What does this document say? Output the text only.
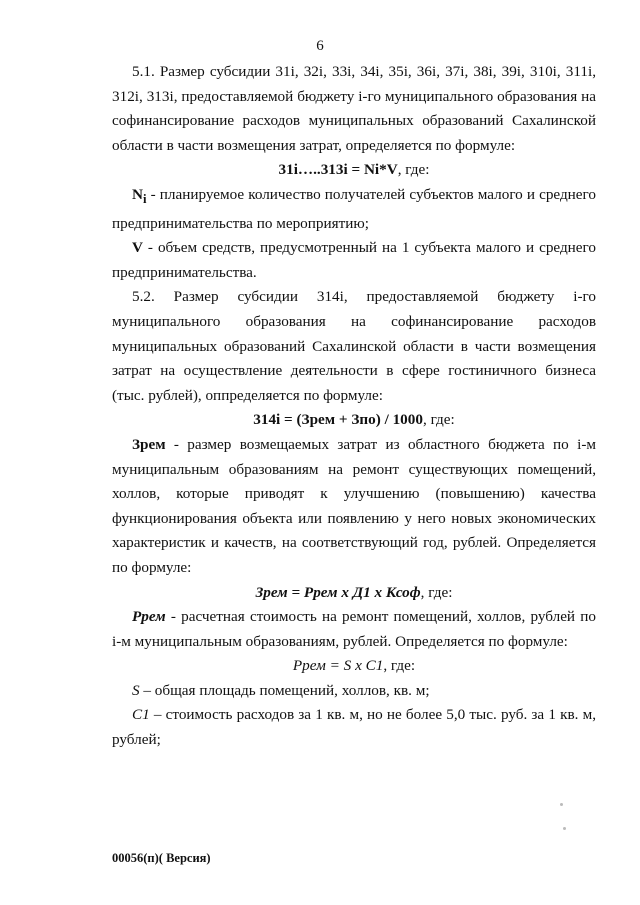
6

5.1. Размер субсидии 31i, 32i, 33i, 34i, 35i, 36i, 37i, 38i, 39i, 310i, 311i, 312i, 313i, предоставляемой бюджету i-го муниципального образования на софинансирование расходов муниципальных образований Сахалинской области в части возмещения затрат, определяется по формуле:

31i…..313i = Ni*V, где:

$N_i$ - планируемое количество получателей субъектов малого и среднего предпринимательства по мероприятию;

V - объем средств, предусмотренный на 1 субъекта малого и среднего предпринимательства.

5.2. Размер субсидии 314i, предоставляемой бюджету i-го

муниципального образования на софинансирование расходов

муниципальных образований Сахалинской области в части возмещения затрат на осуществление деятельности в сфере гостиничного бизнеса (тыс. рублей), оппределяется по формуле:

314i = (Зрем + Зпо) / 1000, где:

Зрем - размер возмещаемых затрат из областного бюджета по i-м муниципальным образованиям на ремонт существующих помещений, холлов, которые приводят к улучшению (повышению) качества функционирования объекта или появлению у него новых экономических характеристик и качеств, на соответствующий год, рублей. Определяется по формуле:

Зрем = Ррем х Д1 х Ксоф, где:

Ррем - расчетная стоимость на ремонт помещений, холлов, рублей по i-м муниципальным образованиям, рублей. Определяется по формуле:

Ррем = S х С1, где:

S – общая площадь помещений, холлов, кв. м;

С1 – стоимость расходов за 1 кв. м, но не более 5,0 тыс. руб. за 1 кв. м, рублей;

00056(п)( Версия)
